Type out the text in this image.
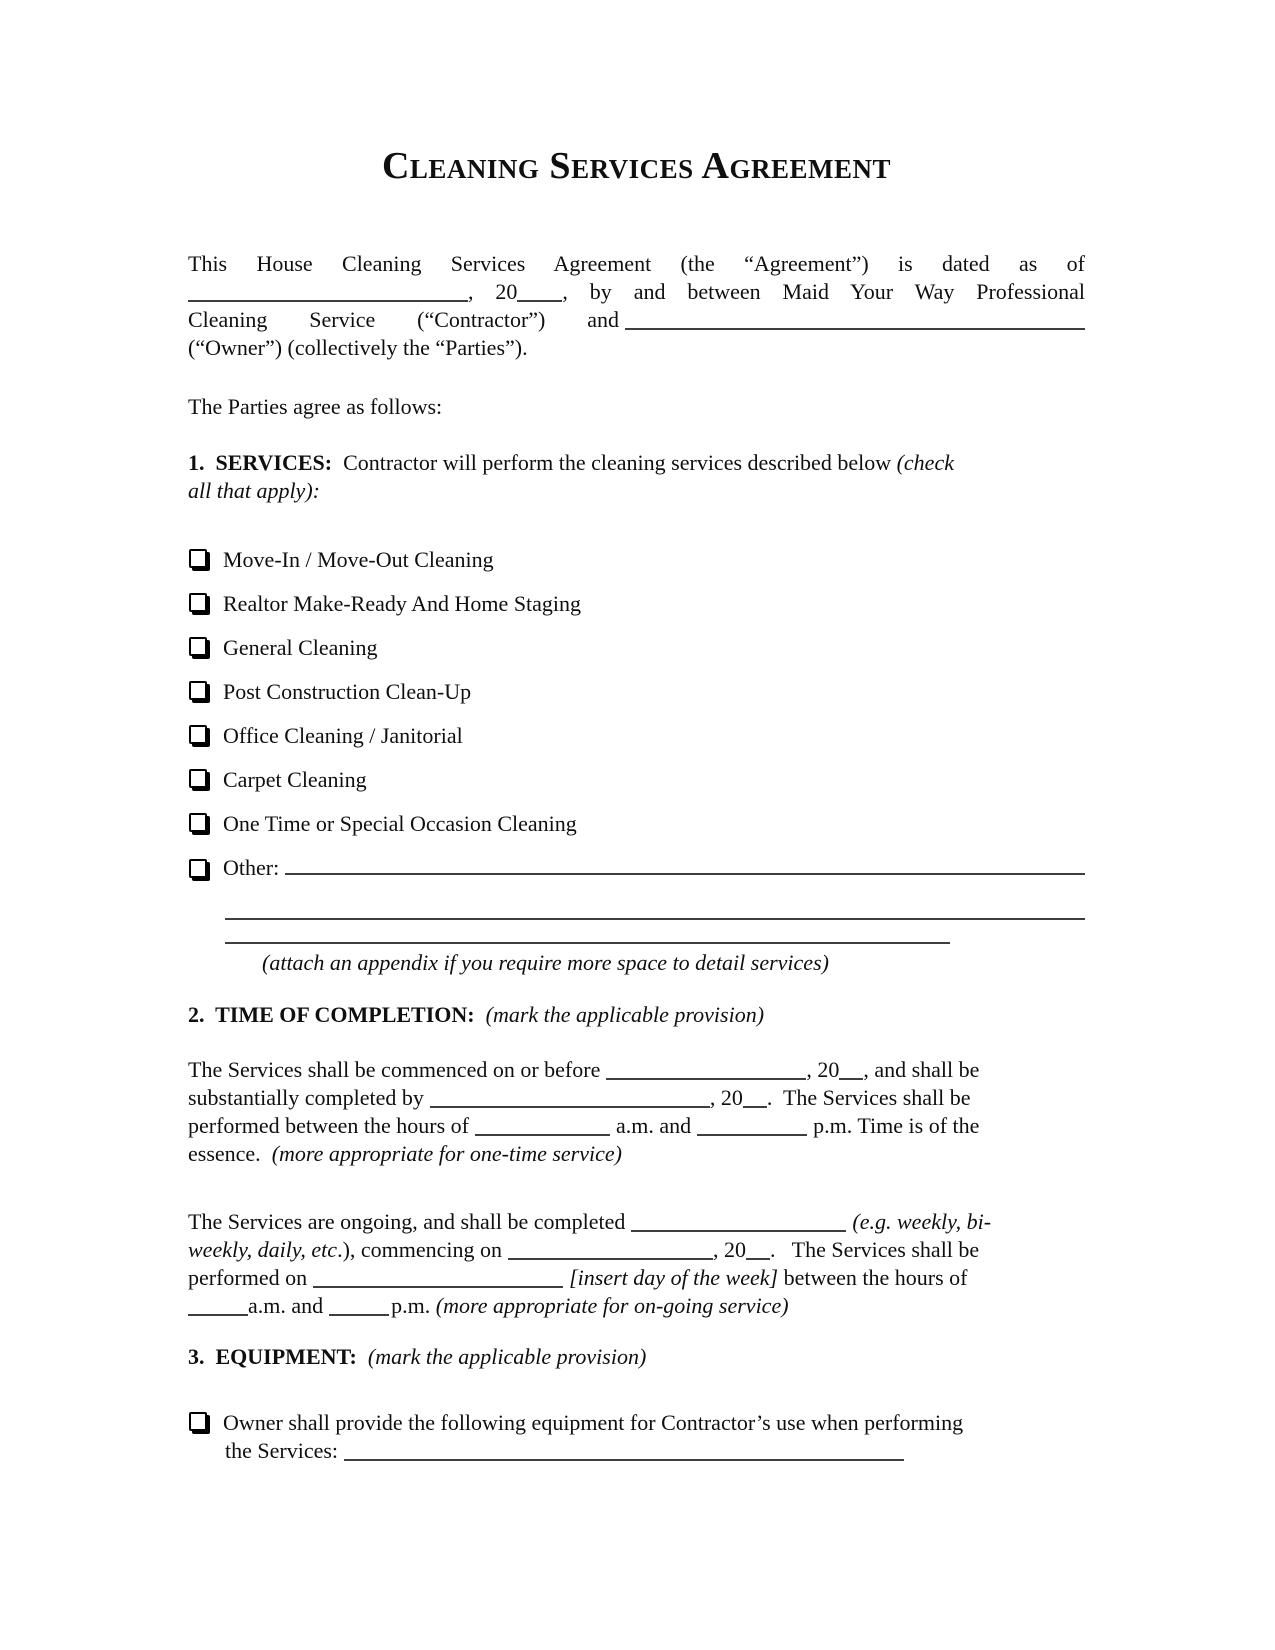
Cleaning Services Agreement
This House Cleaning Services Agreement (the “Agreement”) is dated as of
, 20 , by and between Maid Your Way Professional
Cleaning Service (“Contractor”) and
(“Owner”) (collectively the “Parties”).
The Parties agree as follows:
1.  SERVICES:  Contractor will perform the cleaning services described below (check
all that apply):
Move-In / Move-Out Cleaning
Realtor Make-Ready And Home Staging
General Cleaning
Post Construction Clean-Up
Office Cleaning / Janitorial
Carpet Cleaning
One Time or Special Occasion Cleaning
Other:
(attach an appendix if you require more space to detail services)
2.  TIME OF COMPLETION:  (mark the applicable provision)
The Services shall be commenced on or before	, 20 , and shall be
substantially completed by	, 20 .  The Services shall be
performed between the hours of	a.m. and	p.m. Time is of the
essence.  (more appropriate for one-time service)
The Services are ongoing, and shall be completed	(e.g. weekly, bi-
weekly, daily, etc.), commencing on	, 20 .   The Services shall be
performed on	[insert day of the week] between the hours of
a.m. and	p.m. (more appropriate for on-going service)
3.  EQUIPMENT:  (mark the applicable provision)
Owner shall provide the following equipment for Contractor’s use when performing
the Services:
